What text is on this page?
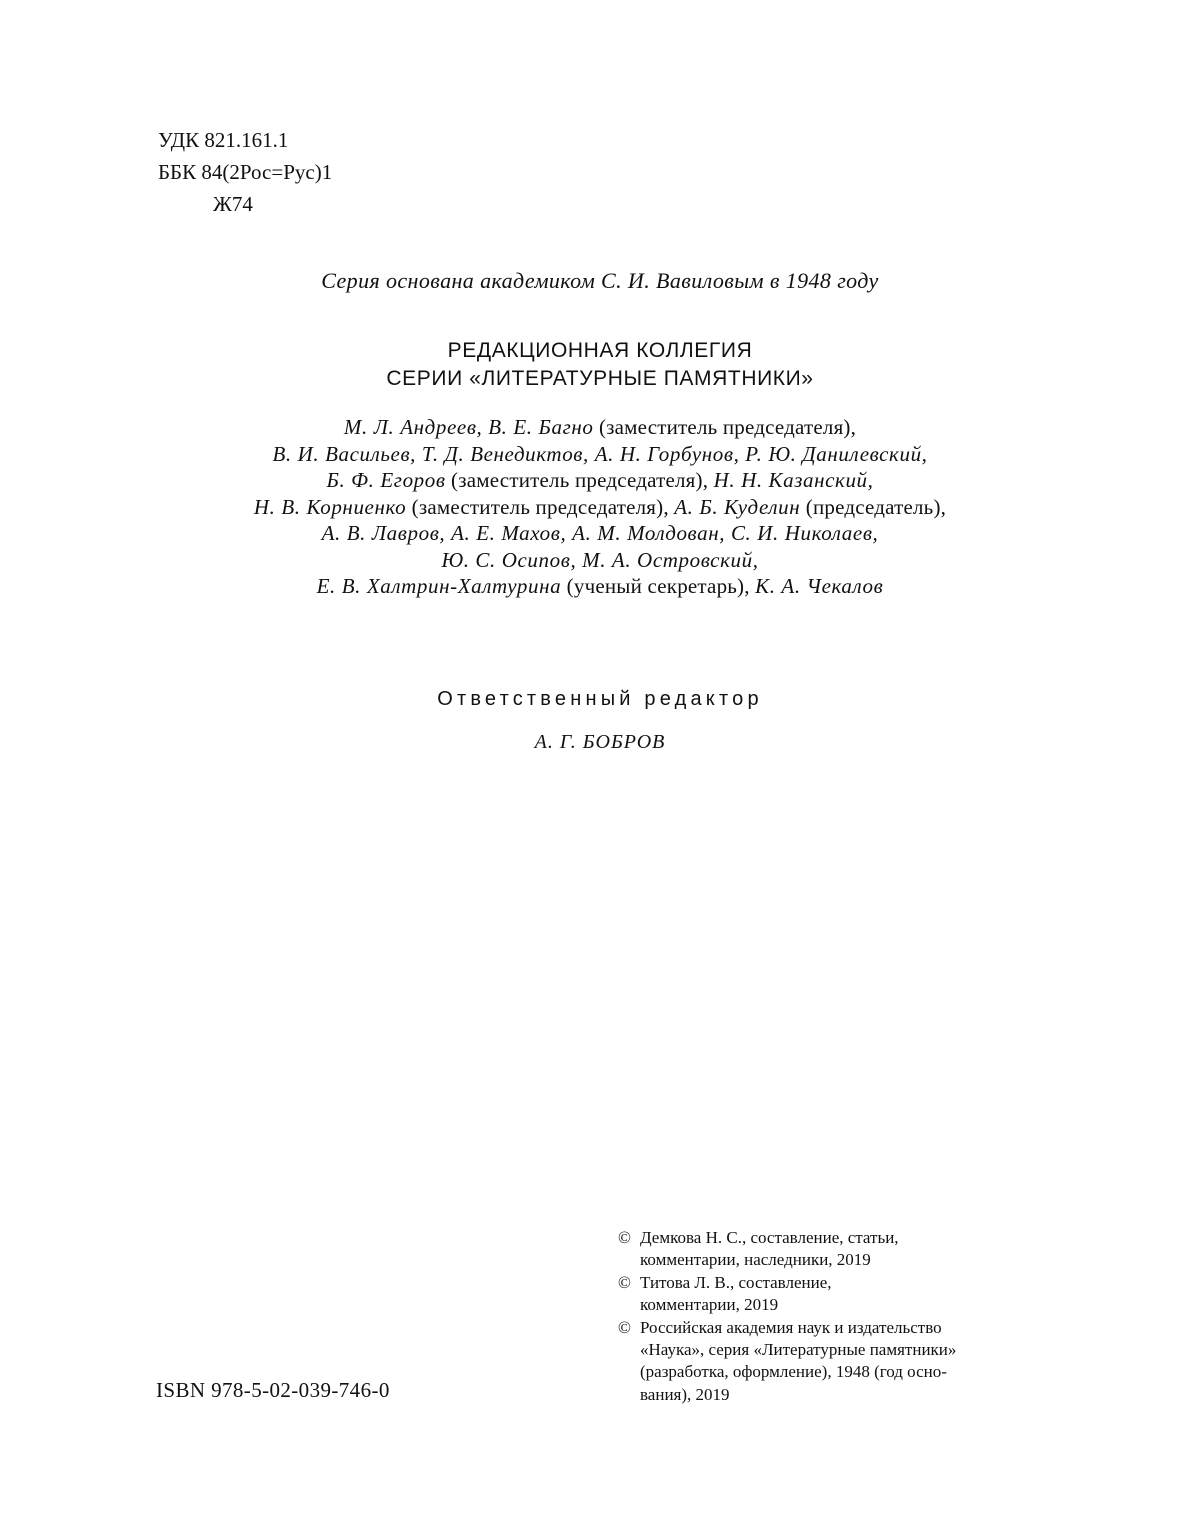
УДК 821.161.1
ББК 84(2Рос=Рус)1
Ж74
Серия основана академиком С. И. Вавиловым в 1948 году
РЕДАКЦИОННАЯ КОЛЛЕГИЯ
СЕРИИ «ЛИТЕРАТУРНЫЕ ПАМЯТНИКИ»
М. Л. Андреев, В. Е. Багно (заместитель председателя),
В. И. Васильев, Т. Д. Венедиктов, А. Н. Горбунов, Р. Ю. Данилевский,
Б. Ф. Егоров (заместитель председателя), Н. Н. Казанский,
Н. В. Корниенко (заместитель председателя), А. Б. Куделин (председатель),
А. В. Лавров, А. Е. Махов, А. М. Молдован, С. И. Николаев,
Ю. С. Осипов, М. А. Островский,
Е. В. Халтрин-Халтурина (ученый секретарь), К. А. Чекалов
Ответственный редактор
А. Г. БОБРОВ
© Демкова Н. С., составление, статьи,
комментарии, наследники, 2019
© Титова Л. В., составление,
комментарии, 2019
© Российская академия наук и издательство
«Наука», серия «Литературные памятники»
(разработка, оформление), 1948 (год осно-
вания), 2019
ISBN 978-5-02-039-746-0
